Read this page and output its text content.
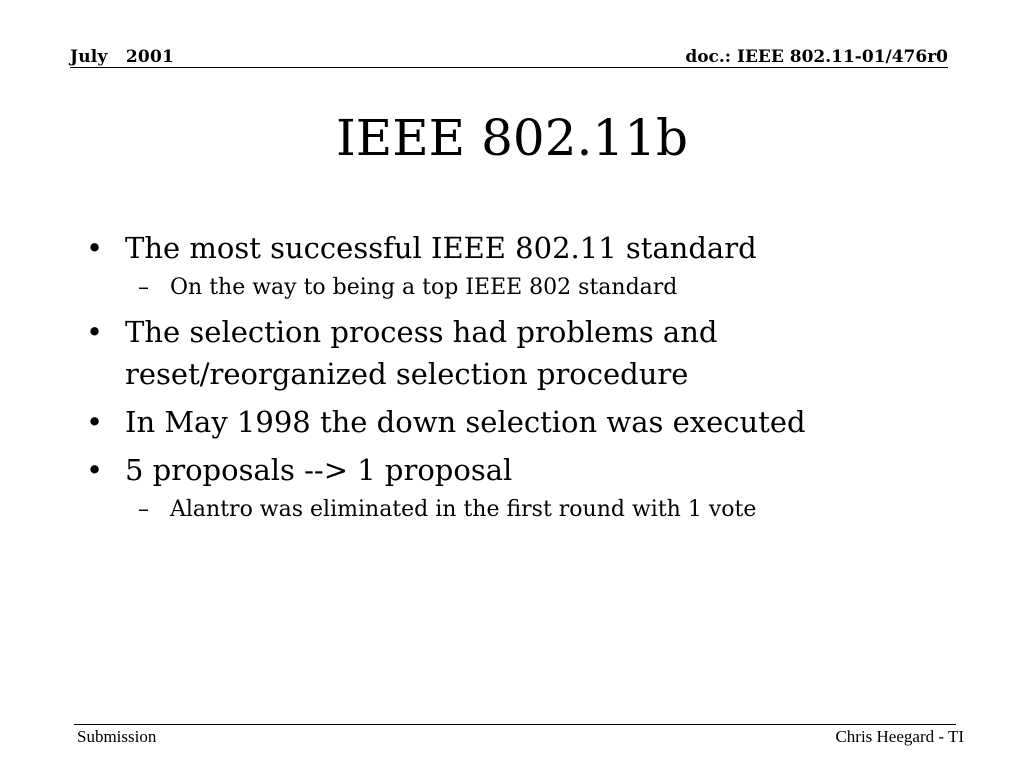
July   2001	doc.: IEEE 802.11-01/476r0
IEEE 802.11b
• The most successful IEEE 802.11 standard
– On the way to being a top IEEE 802 standard
• The selection process had problems and reset/reorganized selection procedure
• In May 1998 the down selection was executed
• 5 proposals --> 1 proposal
– Alantro was eliminated in the first round with 1 vote
Submission	Chris Heegard - TI
